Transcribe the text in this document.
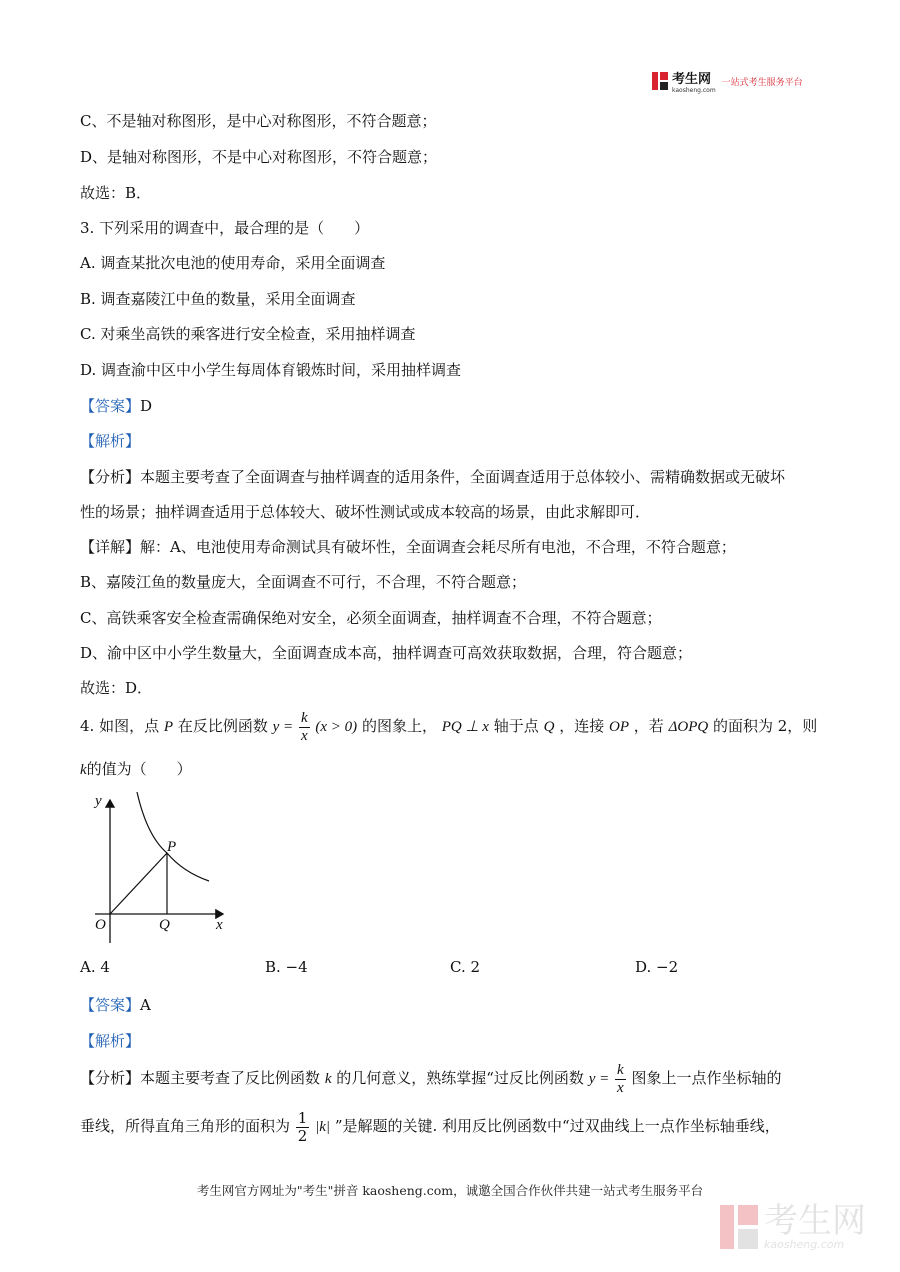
考生网
kaosheng.com
一站式考生服务平台
C、不是轴对称图形，是中心对称图形，不符合题意；
D、是轴对称图形，不是中心对称图形，不符合题意；
故选：B．
3. 下列采用的调查中，最合理的是（　　）
A. 调查某批次电池的使用寿命，采用全面调查
B. 调查嘉陵江中鱼的数量，采用全面调查
C. 对乘坐高铁的乘客进行安全检查，采用抽样调查
D. 调查渝中区中小学生每周体育锻炼时间，采用抽样调查
【答案】D
【解析】
【分析】本题主要考查了全面调查与抽样调查的适用条件，全面调查适用于总体较小、需精确数据或无破坏
性的场景；抽样调查适用于总体较大、破坏性测试或成本较高的场景，由此求解即可．
【详解】解：A、电池使用寿命测试具有破坏性，全面调查会耗尽所有电池，不合理，不符合题意；
B、嘉陵江鱼的数量庞大，全面调查不可行，不合理，不符合题意；
C、高铁乘客安全检查需确保绝对安全，必须全面调查，抽样调查不合理，不符合题意；
D、渝中区中小学生数量大，全面调查成本高，抽样调查可高效获取数据，合理，符合题意；
故选：D．
4. 如图，点 P 在反比例函数 $y = \frac{k}{x} (x > 0)$ 的图象上， PQ ⊥ x 轴于点 Q ，连接 OP ，若 ΔOPQ 的面积为 2，则
k的值为（　　）
y
x
O
P
Q
A. 4	B. −4	C. 2	D. −2
【答案】A
【解析】
【分析】本题主要考查了反比例函数 k 的几何意义，熟练掌握“过反比例函数 $y = \frac{k}{x}$ 图象上一点作坐标轴的
垂线，所得直角三角形的面积为 $\frac{1}{2} |k|$ ”是解题的关键. 利用反比例函数中“过双曲线上一点作坐标轴垂线，
考生网官方网址为"考生"拼音 kaosheng.com，诚邀全国合作伙伴共建一站式考生服务平台
考生网
kaosheng.com
